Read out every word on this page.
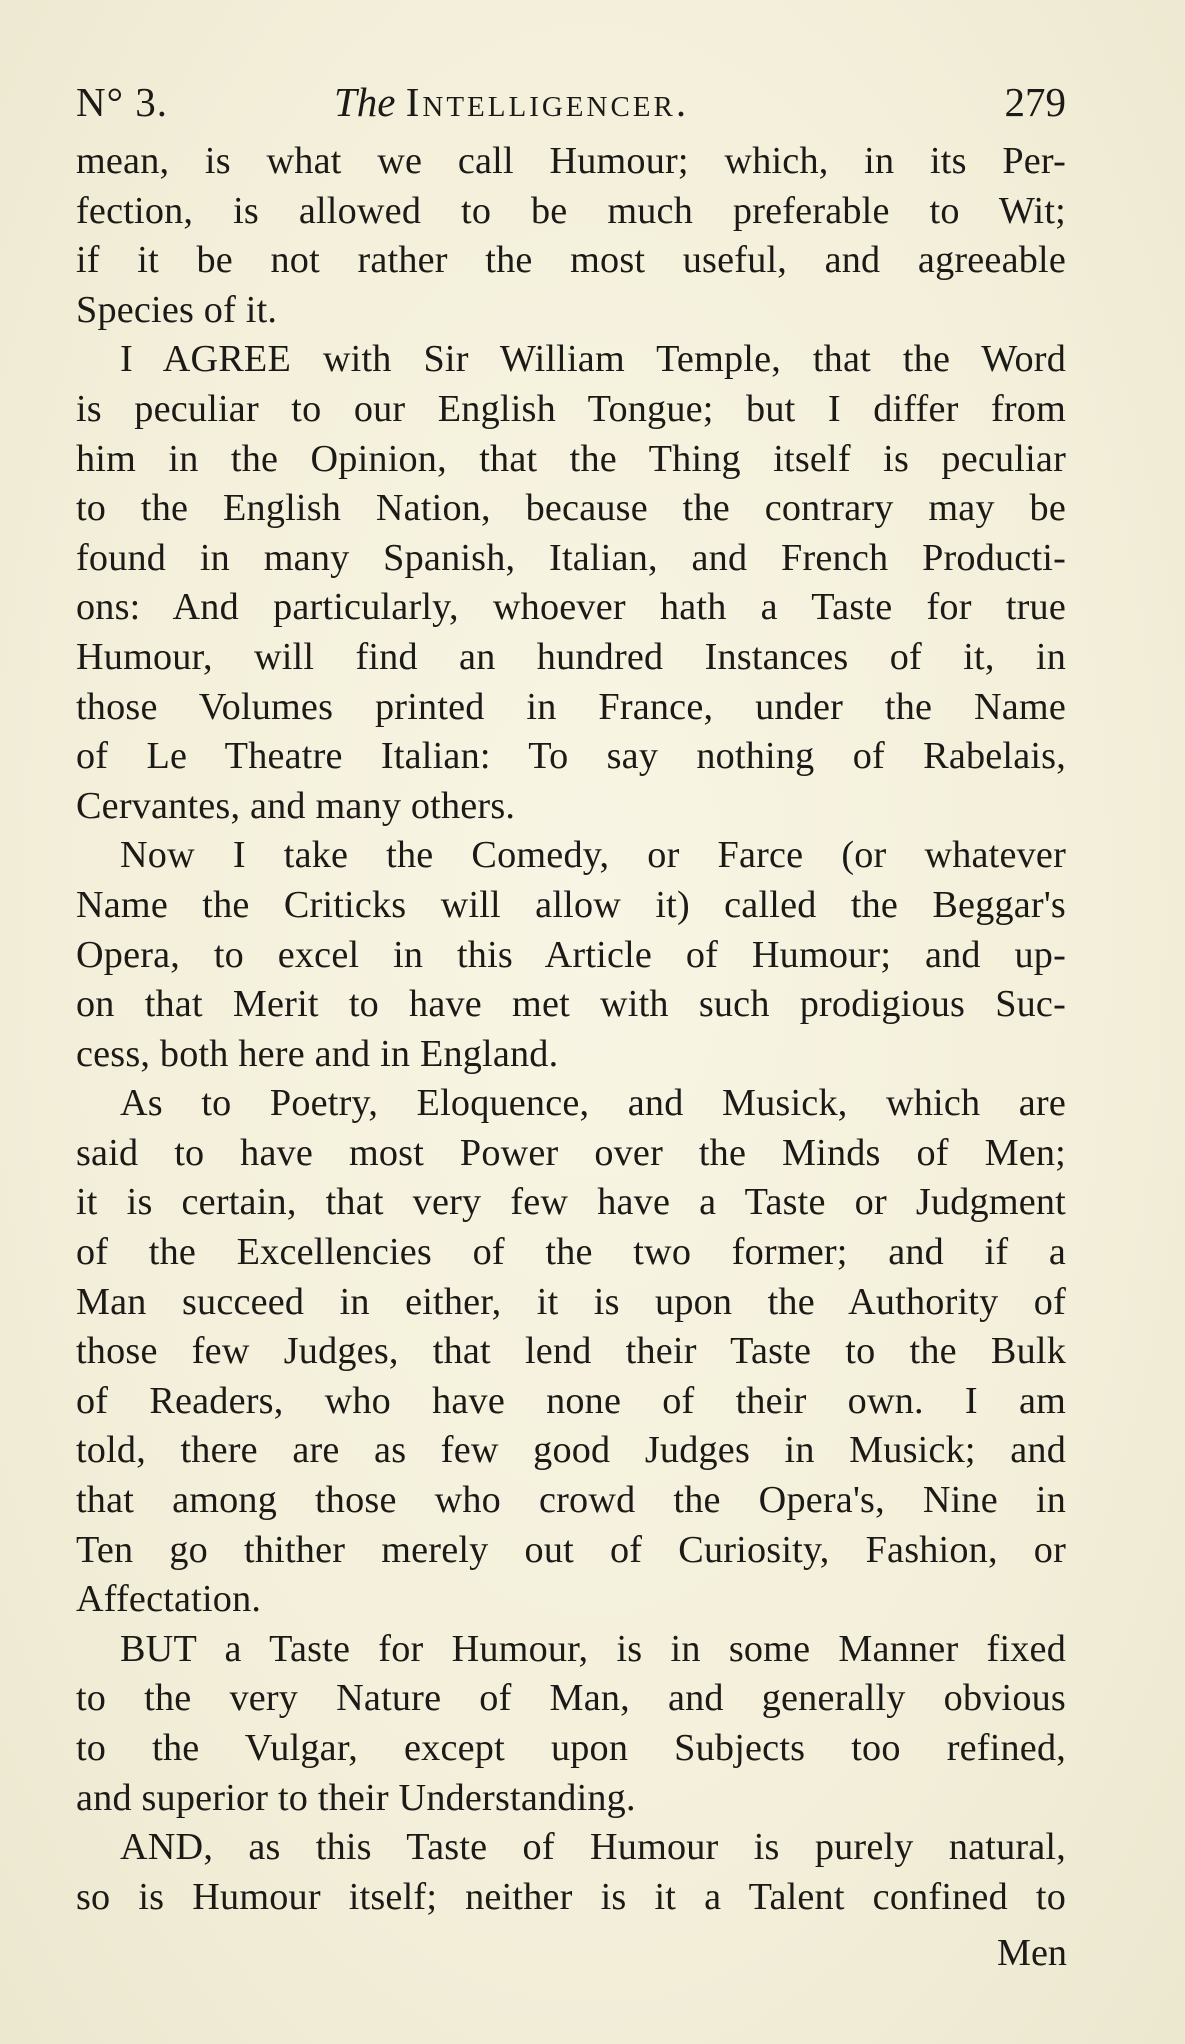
N° 3.	The Intelligencer.	279
mean, is what we call Humour; which, in its Per-
fection, is allowed to be much preferable to Wit;
if it be not rather the most useful, and agreeable
Species of it.
I AGREE with Sir William Temple, that the Word
is peculiar to our English Tongue; but I differ from
him in the Opinion, that the Thing itself is peculiar
to the English Nation, because the contrary may be
found in many Spanish, Italian, and French Producti-
ons: And particularly, whoever hath a Taste for true
Humour, will find an hundred Instances of it, in
those Volumes printed in France, under the Name
of Le Theatre Italian: To say nothing of Rabelais,
Cervantes, and many others.
Now I take the Comedy, or Farce (or whatever
Name the Criticks will allow it) called the Beggar's
Opera, to excel in this Article of Humour; and up-
on that Merit to have met with such prodigious Suc-
cess, both here and in England.
As to Poetry, Eloquence, and Musick, which are
said to have most Power over the Minds of Men;
it is certain, that very few have a Taste or Judgment
of the Excellencies of the two former; and if a
Man succeed in either, it is upon the Authority of
those few Judges, that lend their Taste to the Bulk
of Readers, who have none of their own. I am
told, there are as few good Judges in Musick; and
that among those who crowd the Opera's, Nine in
Ten go thither merely out of Curiosity, Fashion, or
Affectation.
BUT a Taste for Humour, is in some Manner fixed
to the very Nature of Man, and generally obvious
to the Vulgar, except upon Subjects too refined,
and superior to their Understanding.
AND, as this Taste of Humour is purely natural,
so is Humour itself; neither is it a Talent confined to
Men
